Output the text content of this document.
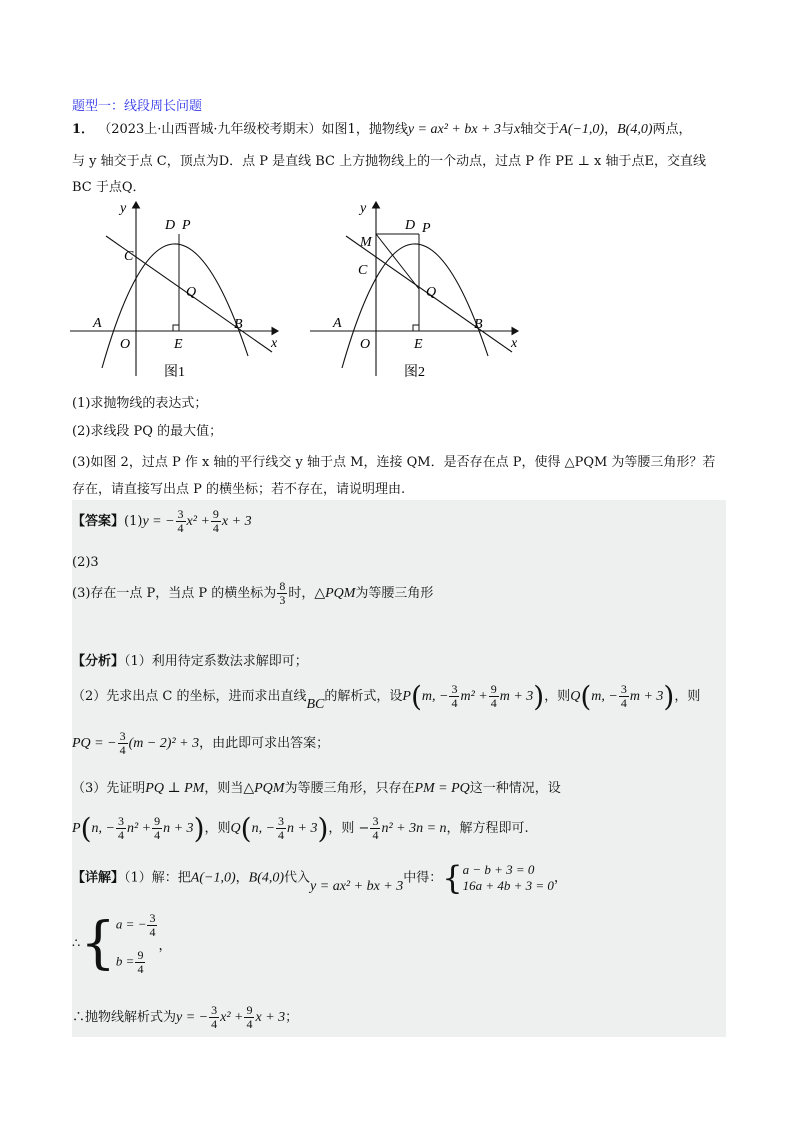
题型一：线段周长问题
1． （2023上·山西晋城·九年级校考期末）如图1，抛物线y = ax² + bx + 3与x轴交于A(−1,0)，B(4,0)两点，
与 y 轴交于点 C，顶点为D．点 P 是直线 BC 上方抛物线上的一个动点，过点 P 作 PE ⊥ x 轴于点E，交直线
BC 于点Q．
y
D P
C
Q
A	B
O	E	x
图1
y
D P
M
C
Q
A	B
O	E	x
图2
(1)求抛物线的表达式；
(2)求线段 PQ 的最大值；
(3)如图 2，过点 P 作 x 轴的平行线交 y 轴于点 M，连接 QM．是否存在点 P，使得 △PQM 为等腰三角形？若
存在，请直接写出点 P 的横坐标；若不存在，请说明理由.
【答案】(1)y = − $\frac{3}{4} x^2 + \frac{9}{4}$ x + 3
(2)3
(3)存在一点 P，当点 P 的横坐标为 $\frac{8}{3}$ 时，△PQM为等腰三角形
【分析】（1）利用待定系数法求解即可；
（2）先求出点 C 的坐标，进而求出直线BC的解析式，设P(m, − $\frac{3}{4} m^2 + \frac{9}{4}$ m + 3)，则Q(m, − $\frac{3}{4}$ m + 3)，则
PQ = − $\frac{3}{4} (m - 2)^2 + 3$，由此即可求出答案；
（3）先证明PQ ⊥ PM，则当△PQM为等腰三角形，只存在PM = PQ这一种情况，设
P(n, − $\frac{3}{4} n^2 + \frac{9}{4}$ n + 3)，则Q(n, − $\frac{3}{4}$ n + 3)，则 − $\frac{3}{4} n^2 + 3n = n$，解方程即可.
【详解】（1）解：把A(−1,0)，B(4,0)代入y = ax² + bx + 3中得：{ a − b + 3 = 0
16a + 4b + 3 = 0 ，
∴{ a = − $\frac{3}{4}$
$b = \frac{9}{4}$
，
∴抛物线解析式为y = − $\frac{3}{4} x^2 + \frac{9}{4}$ x + 3；
